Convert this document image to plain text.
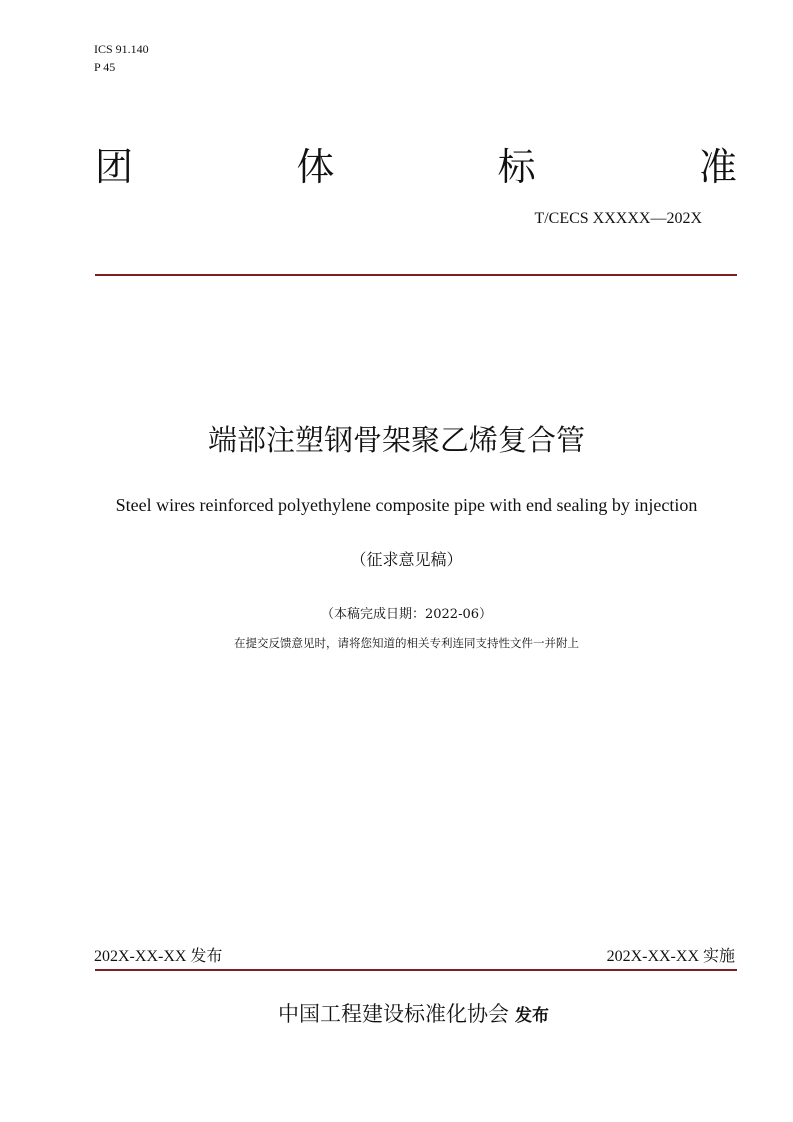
ICS 91.140
P 45
团	体	标	准
T/CECS XXXXX—202X
端部注塑钢骨架聚乙烯复合管
Steel wires reinforced polyethylene composite pipe with end sealing by injection
（征求意见稿）
（本稿完成日期：2022-06）
在提交反馈意见时，请将您知道的相关专利连同支持性文件一并附上
202X-XX-XX 发布	202X-XX-XX 实施
中国工程建设标准化协会 发布
